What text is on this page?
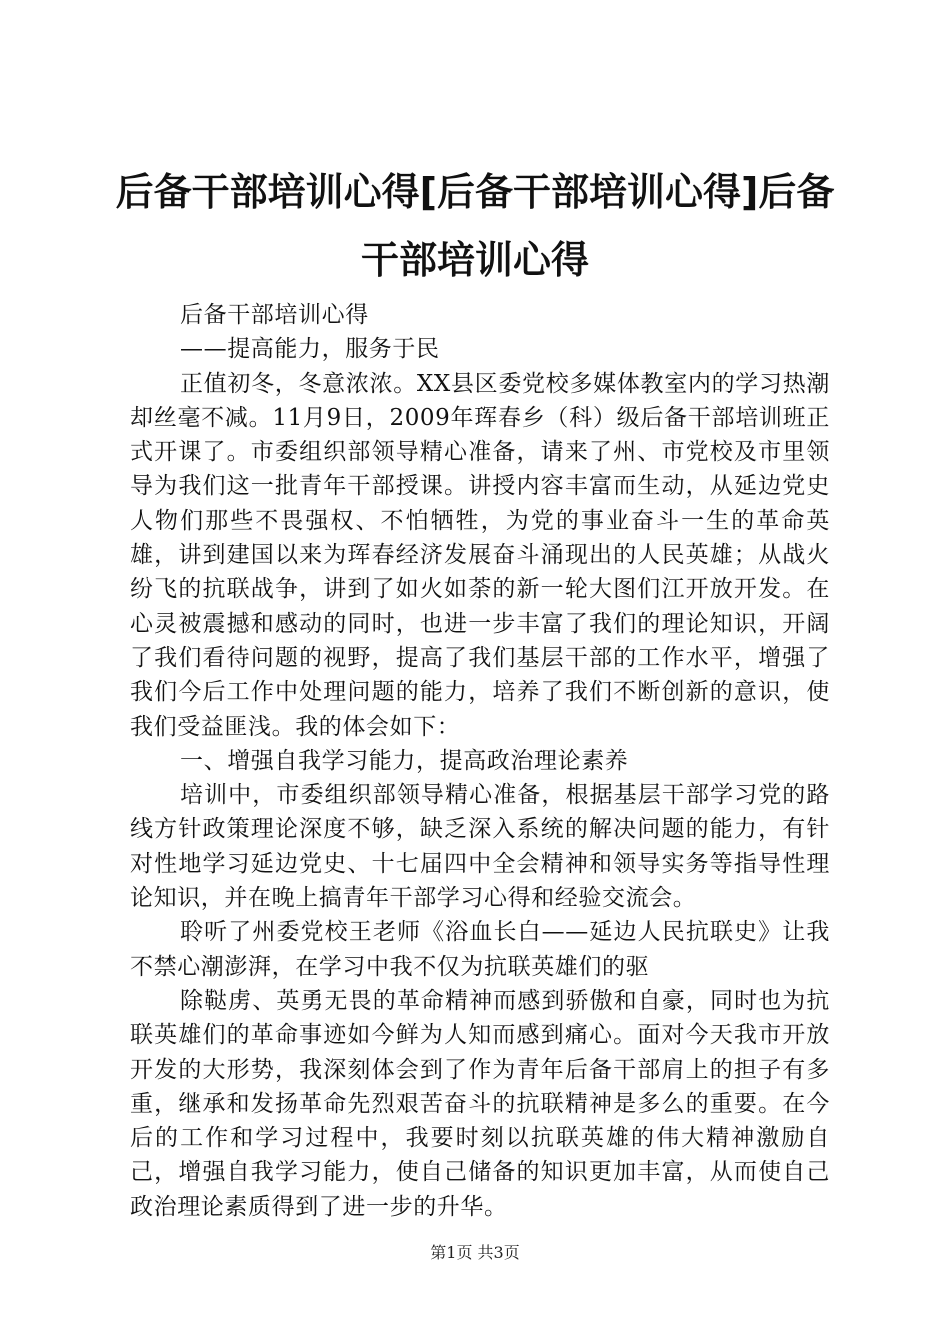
后备干部培训心得[后备干部培训心得]后备干部培训心得

后备干部培训心得

——提高能力，服务于民

正值初冬，冬意浓浓。XX县区委党校多媒体教室内的学习热潮却丝毫不减。11月9日，2009年珲春乡（科）级后备干部培训班正式开课了。市委组织部领导精心准备，请来了州、市党校及市里领导为我们这一批青年干部授课。讲授内容丰富而生动，从延边党史人物们那些不畏强权、不怕牺牲，为党的事业奋斗一生的革命英雄，讲到建国以来为珲春经济发展奋斗涌现出的人民英雄；从战火纷飞的抗联战争，讲到了如火如荼的新一轮大图们江开放开发。在心灵被震撼和感动的同时，也进一步丰富了我们的理论知识，开阔了我们看待问题的视野，提高了我们基层干部的工作水平，增强了我们今后工作中处理问题的能力，培养了我们不断创新的意识，使我们受益匪浅。我的体会如下：

一、增强自我学习能力，提高政治理论素养

培训中，市委组织部领导精心准备，根据基层干部学习党的路线方针政策理论深度不够，缺乏深入系统的解决问题的能力，有针对性地学习延边党史、十七届四中全会精神和领导实务等指导性理论知识，并在晚上搞青年干部学习心得和经验交流会。

聆听了州委党校王老师《浴血长白——延边人民抗联史》让我不禁心潮澎湃，在学习中我不仅为抗联英雄们的驱

除鞑虏、英勇无畏的革命精神而感到骄傲和自豪，同时也为抗联英雄们的革命事迹如今鲜为人知而感到痛心。面对今天我市开放开发的大形势，我深刻体会到了作为青年后备干部肩上的担子有多重，继承和发扬革命先烈艰苦奋斗的抗联精神是多么的重要。在今后的工作和学习过程中，我要时刻以抗联英雄的伟大精神激励自己，增强自我学习能力，使自己储备的知识更加丰富，从而使自己政治理论素质得到了进一步的升华。

第1页 共3页
